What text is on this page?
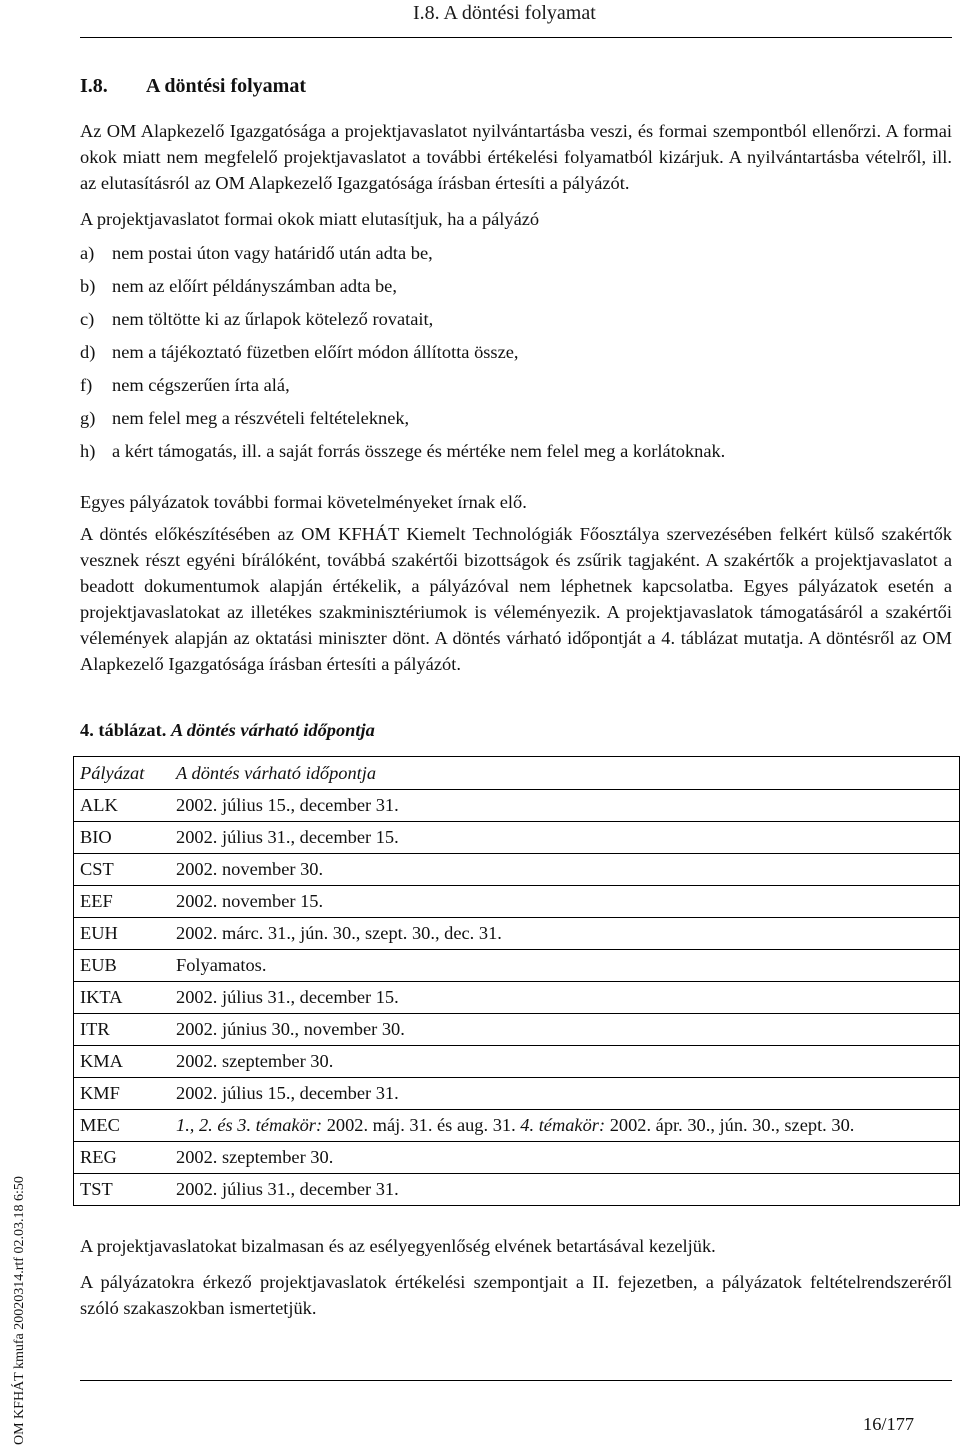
I.8. A döntési folyamat
I.8. A döntési folyamat

Az OM Alapkezelő Igazgatósága a projektjavaslatot nyilvántartásba veszi, és formai szempontból ellenőrzi. A formai okok miatt nem megfelelő projektjavaslatot a további értékelési folyamatból kizárjuk. A nyilvántartásba vételről, ill. az elutasításról az OM Alapkezelő Igazgatósága írásban értesíti a pályázót.

A projektjavaslatot formai okok miatt elutasítjuk, ha a pályázó

a) nem postai úton vagy határidő után adta be,
b) nem az előírt példányszámban adta be,
c) nem töltötte ki az űrlapok kötelező rovatait,
d) nem a tájékoztató füzetben előírt módon állította össze,
f) nem cégszerűen írta alá,
g) nem felel meg a részvételi feltételeknek,
h) a kért támogatás, ill. a saját forrás összege és mértéke nem felel meg a korlátoknak.

Egyes pályázatok további formai követelményeket írnak elő.

A döntés előkészítésében az OM KFHÁT Kiemelt Technológiák Főosztálya szervezésében felkért külső szakértők vesznek részt egyéni bírálóként, továbbá szakértői bizottságok és zsűrik tagjaként. A szakértők a projektjavaslatot a beadott dokumentumok alapján értékelik, a pályázóval nem léphetnek kapcsolatba. Egyes pályázatok esetén a projektjavaslatokat az illetékes szakminisztériumok is véleményezik. A projektjavaslatok támogatásáról a szakértői vélemények alapján az oktatási miniszter dönt. A döntés várható időpontját a 4. táblázat mutatja. A döntésről az OM Alapkezelő Igazgatósága írásban értesíti a pályázót.

4. táblázat. A döntés várható időpontja
Pályázat	A döntés várható időpontja
ALK	2002. július 15., december 31.
BIO	2002. július 31., december 15.
CST	2002. november 30.
EEF	2002. november 15.
EUH	2002. márc. 31., jún. 30., szept. 30., dec. 31.
EUB	Folyamatos.
IKTA	2002. július 31., december 15.
ITR	2002. június 30., november 30.
KMA	2002. szeptember 30.
KMF	2002. július 15., december 31.
MEC	1., 2. és 3. témakör: 2002. máj. 31. és aug. 31. 4. témakör: 2002. ápr. 30., jún. 30., szept. 30.
REG	2002. szeptember 30.
TST	2002. július 31., december 31.

A projektjavaslatokat bizalmasan és az esélyegyenlőség elvének betartásával kezeljük.

A pályázatokra érkező projektjavaslatok értékelési szempontjait a II. fejezetben, a pályázatok feltételrendszeréről szóló szakaszokban ismertetjük.

16/177
OM KFHÁT kmufa 20020314.rtf 02.03.18 6:50
